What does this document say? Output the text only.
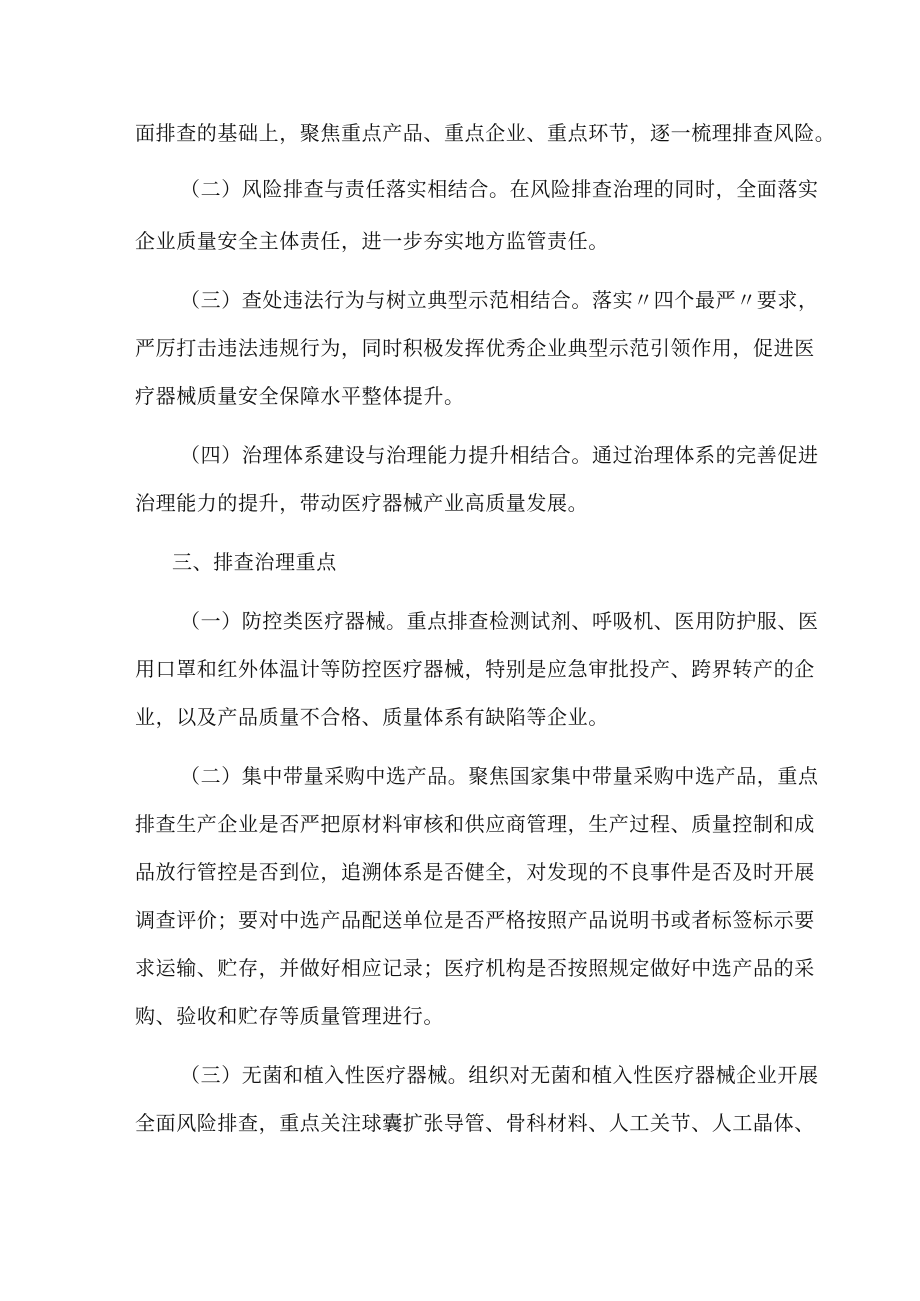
面排查的基础上，聚焦重点产品、重点企业、重点环节，逐一梳理排查风险。

（二）风险排查与责任落实相结合。在风险排查治理的同时，全面落实

企业质量安全主体责任，进一步夯实地方监管责任。

（三）查处违法行为与树立典型示范相结合。落实〃四个最严〃要求，

严厉打击违法违规行为，同时积极发挥优秀企业典型示范引领作用，促进医

疗器械质量安全保障水平整体提升。

（四）治理体系建设与治理能力提升相结合。通过治理体系的完善促进

治理能力的提升，带动医疗器械产业高质量发展。

三、排查治理重点

（一）防控类医疗器械。重点排查检测试剂、呼吸机、医用防护服、医

用口罩和红外体温计等防控医疗器械，特别是应急审批投产、跨界转产的企

业，以及产品质量不合格、质量体系有缺陷等企业。

（二）集中带量采购中选产品。聚焦国家集中带量采购中选产品，重点

排查生产企业是否严把原材料审核和供应商管理，生产过程、质量控制和成

品放行管控是否到位，追溯体系是否健全，对发现的不良事件是否及时开展

调查评价；要对中选产品配送单位是否严格按照产品说明书或者标签标示要

求运输、贮存，并做好相应记录；医疗机构是否按照规定做好中选产品的采

购、验收和贮存等质量管理进行。

（三）无菌和植入性医疗器械。组织对无菌和植入性医疗器械企业开展

全面风险排查，重点关注球囊扩张导管、骨科材料、人工关节、人工晶体、
